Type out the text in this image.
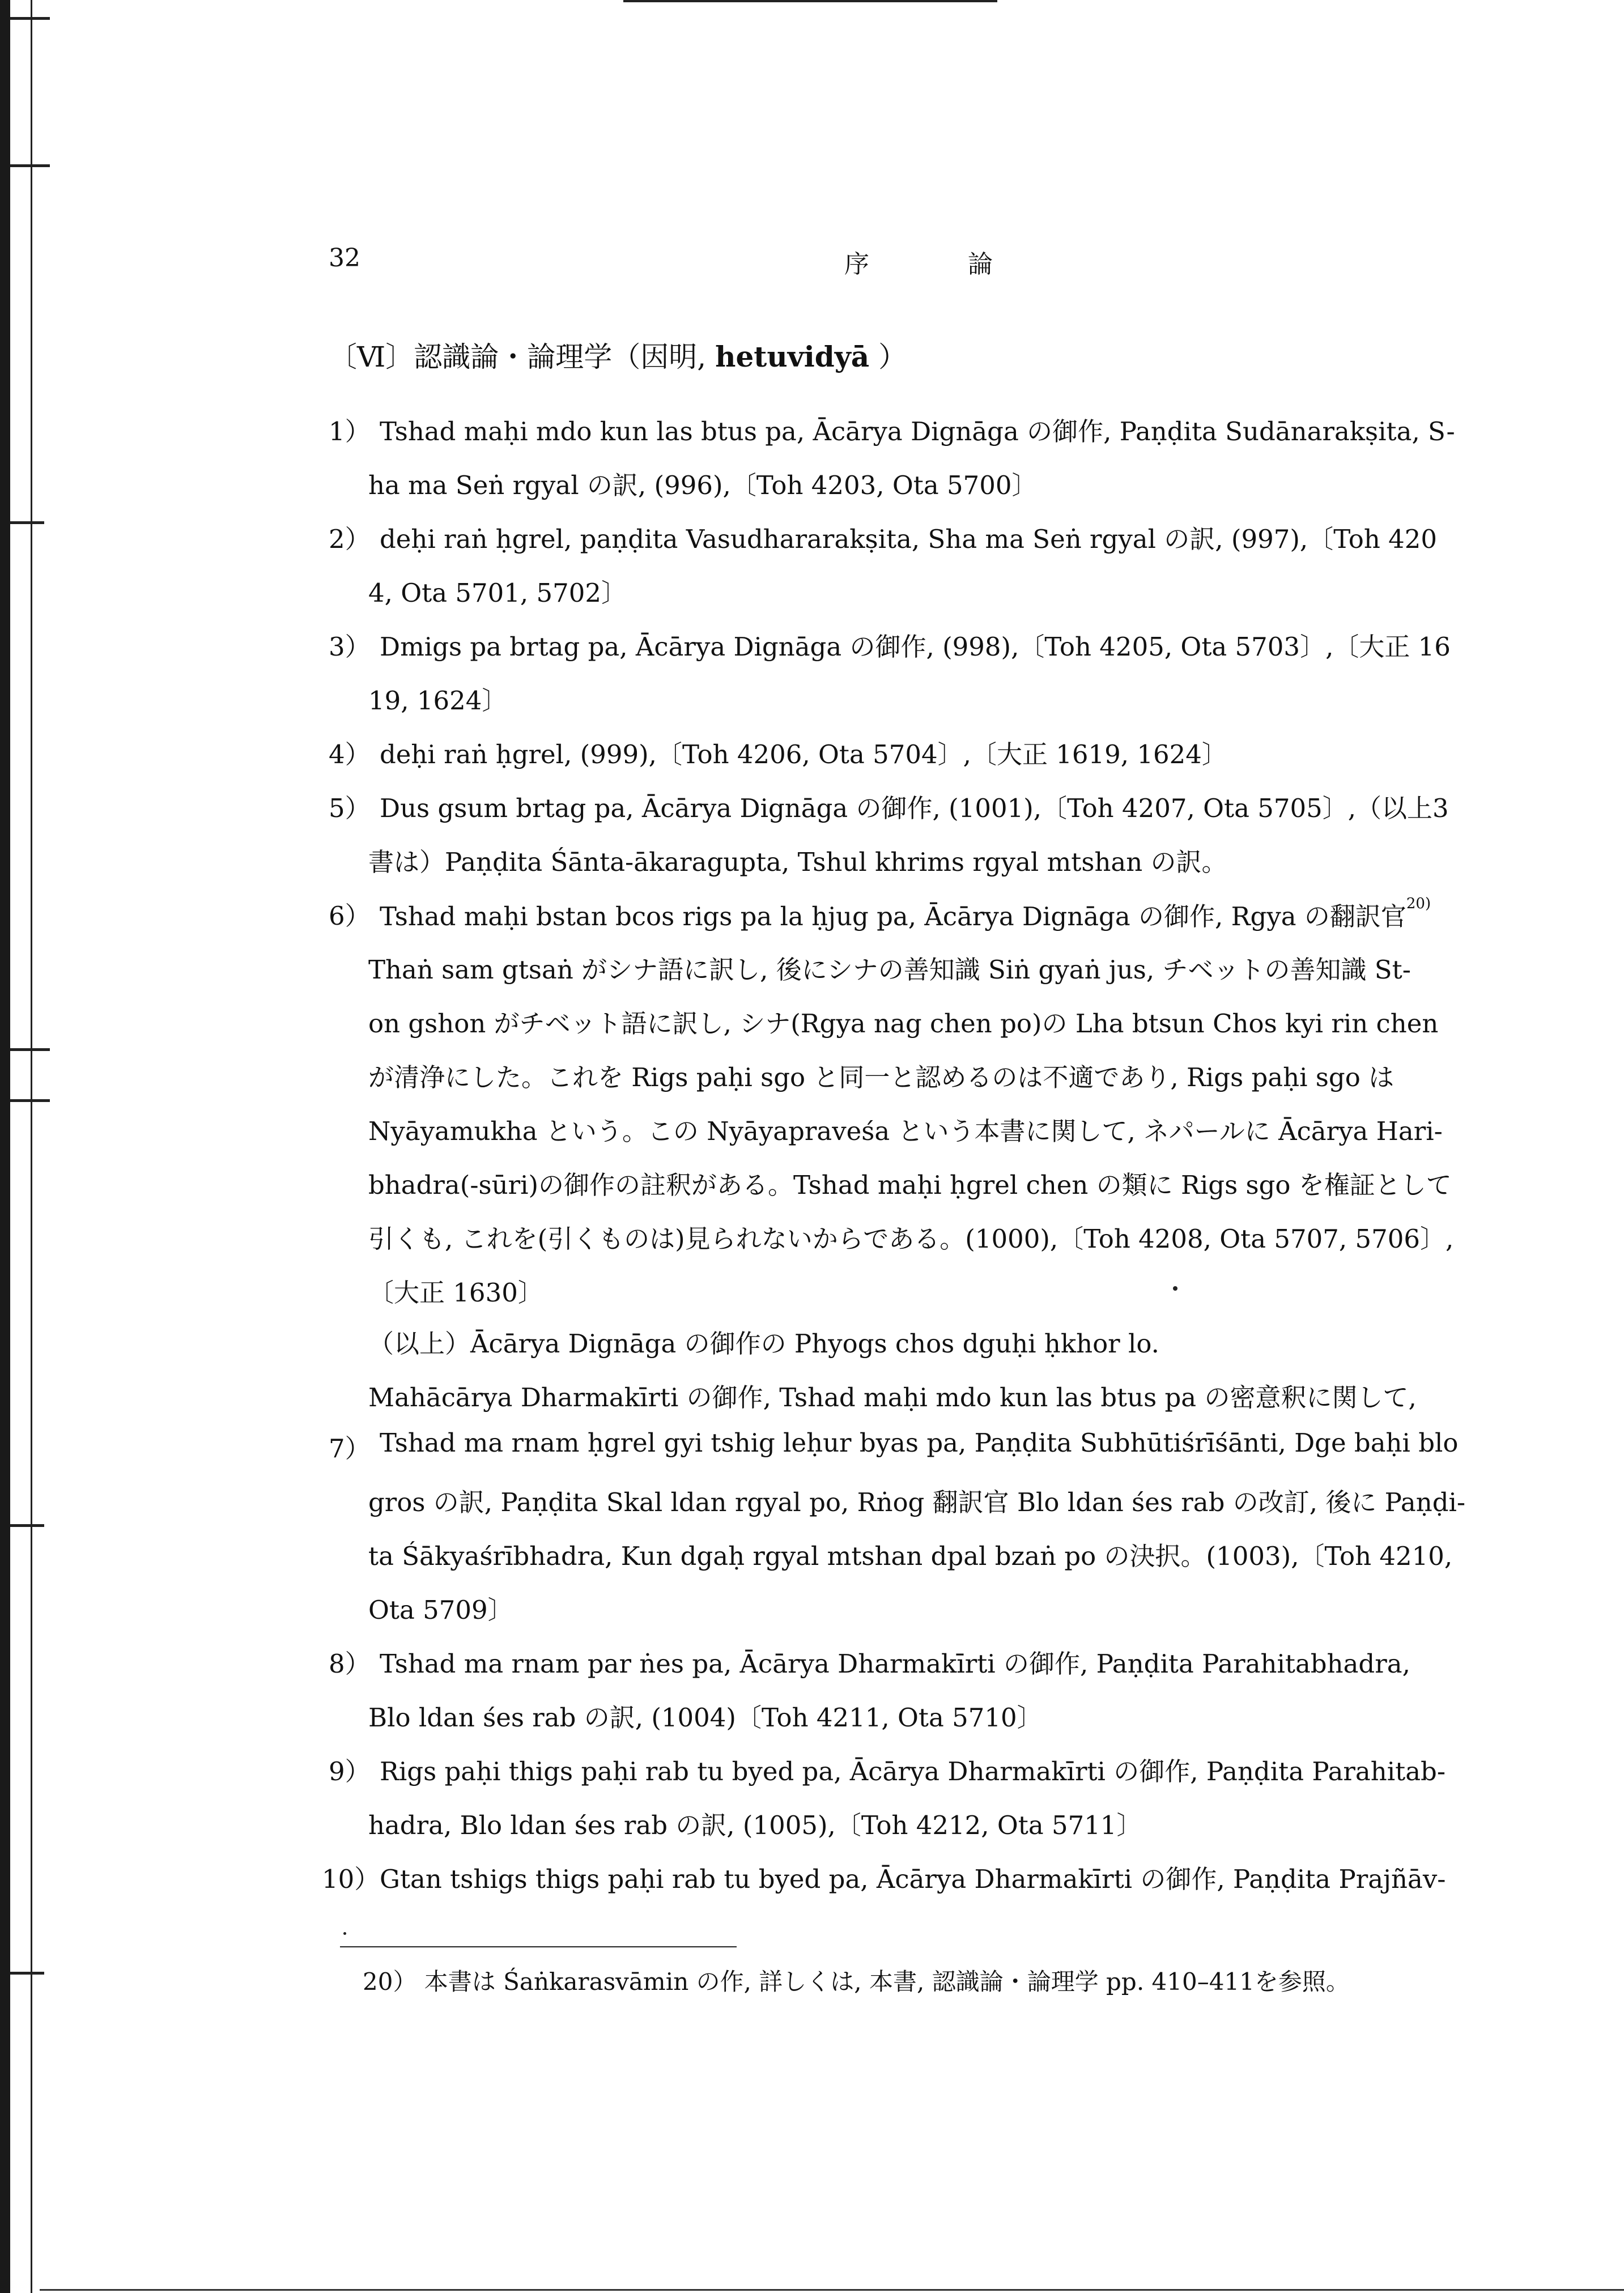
32	序 論
〔Ⅵ〕認識論・論理学（因明, hetuvidyā ）
1） Tshad maḥi mdo kun las btus pa, Ācārya Dignāga の御作, Paṇḍita Sudānarakṣita, S-
ha ma Seṅ rgyal の訳, (996),〔Toh 4203, Ota 5700〕
2） deḥi raṅ ḥgrel, paṇḍita Vasudhararakṣita, Sha ma Seṅ rgyal の訳, (997),〔Toh 420
4, Ota 5701, 5702〕
3） Dmigs pa brtag pa, Ācārya Dignāga の御作, (998),〔Toh 4205, Ota 5703〕,〔大正 16
19, 1624〕
4） deḥi raṅ ḥgrel, (999),〔Toh 4206, Ota 5704〕,〔大正 1619, 1624〕
5） Dus gsum brtag pa, Ācārya Dignāga の御作, (1001),〔Toh 4207, Ota 5705〕,（以上3
書は）Paṇḍita Śānta-ākaragupta, Tshul khrims rgyal mtshan の訳。
6） Tshad maḥi bstan bcos rigs pa la ḥjug pa, Ācārya Dignāga の御作, Rgya の翻訳官$^{20)}$
Thaṅ sam gtsaṅ がシナ語に訳し, 後にシナの善知識 Siṅ gyaṅ jus, チベットの善知識 St-
on gshon がチベット語に訳し, シナ(Rgya nag chen po)の Lha btsun Chos kyi rin chen
が清浄にした。これを Rigs paḥi sgo と同一と認めるのは不適であり, Rigs paḥi sgo は
Nyāyamukha という。この Nyāyapraveśa という本書に関して, ネパールに Ācārya Hari-
bhadra(-sūri)の御作の註釈がある。Tshad maḥi ḥgrel chen の類に Rigs sgo を権証として
引くも, これを(引くものは)見られないからである。(1000),〔Toh 4208, Ota 5707, 5706〕,
〔大正 1630〕
（以上）Ācārya Dignāga の御作の Phyogs chos dguḥi ḥkhor lo.
Mahācārya Dharmakīrti の御作, Tshad maḥi mdo kun las btus pa の密意釈に関して,
7） Tshad ma rnam ḥgrel gyi tshig leḥur byas pa, Paṇḍita Subhūtiśrīśānti, Dge baḥi blo
gros の訳, Paṇḍita Skal ldan rgyal po, Rṅog 翻訳官 Blo ldan śes rab の改訂, 後に Paṇḍi-
ta Śākyaśrībhadra, Kun dgaḥ rgyal mtshan dpal bzaṅ po の決択。(1003),〔Toh 4210,
Ota 5709〕
8） Tshad ma rnam par ṅes pa, Ācārya Dharmakīrti の御作, Paṇḍita Parahitabhadra,
Blo ldan śes rab の訳, (1004)〔Toh 4211, Ota 5710〕
9） Rigs paḥi thigs paḥi rab tu byed pa, Ācārya Dharmakīrti の御作, Paṇḍita Parahitab-
hadra, Blo ldan śes rab の訳, (1005),〔Toh 4212, Ota 5711〕
10） Gtan tshigs thigs paḥi rab tu byed pa, Ācārya Dharmakīrti の御作, Paṇḍita Prajñāv-
20） 本書は Śaṅkarasvāmin の作, 詳しくは, 本書, 認識論・論理学 pp. 410–411を参照。
